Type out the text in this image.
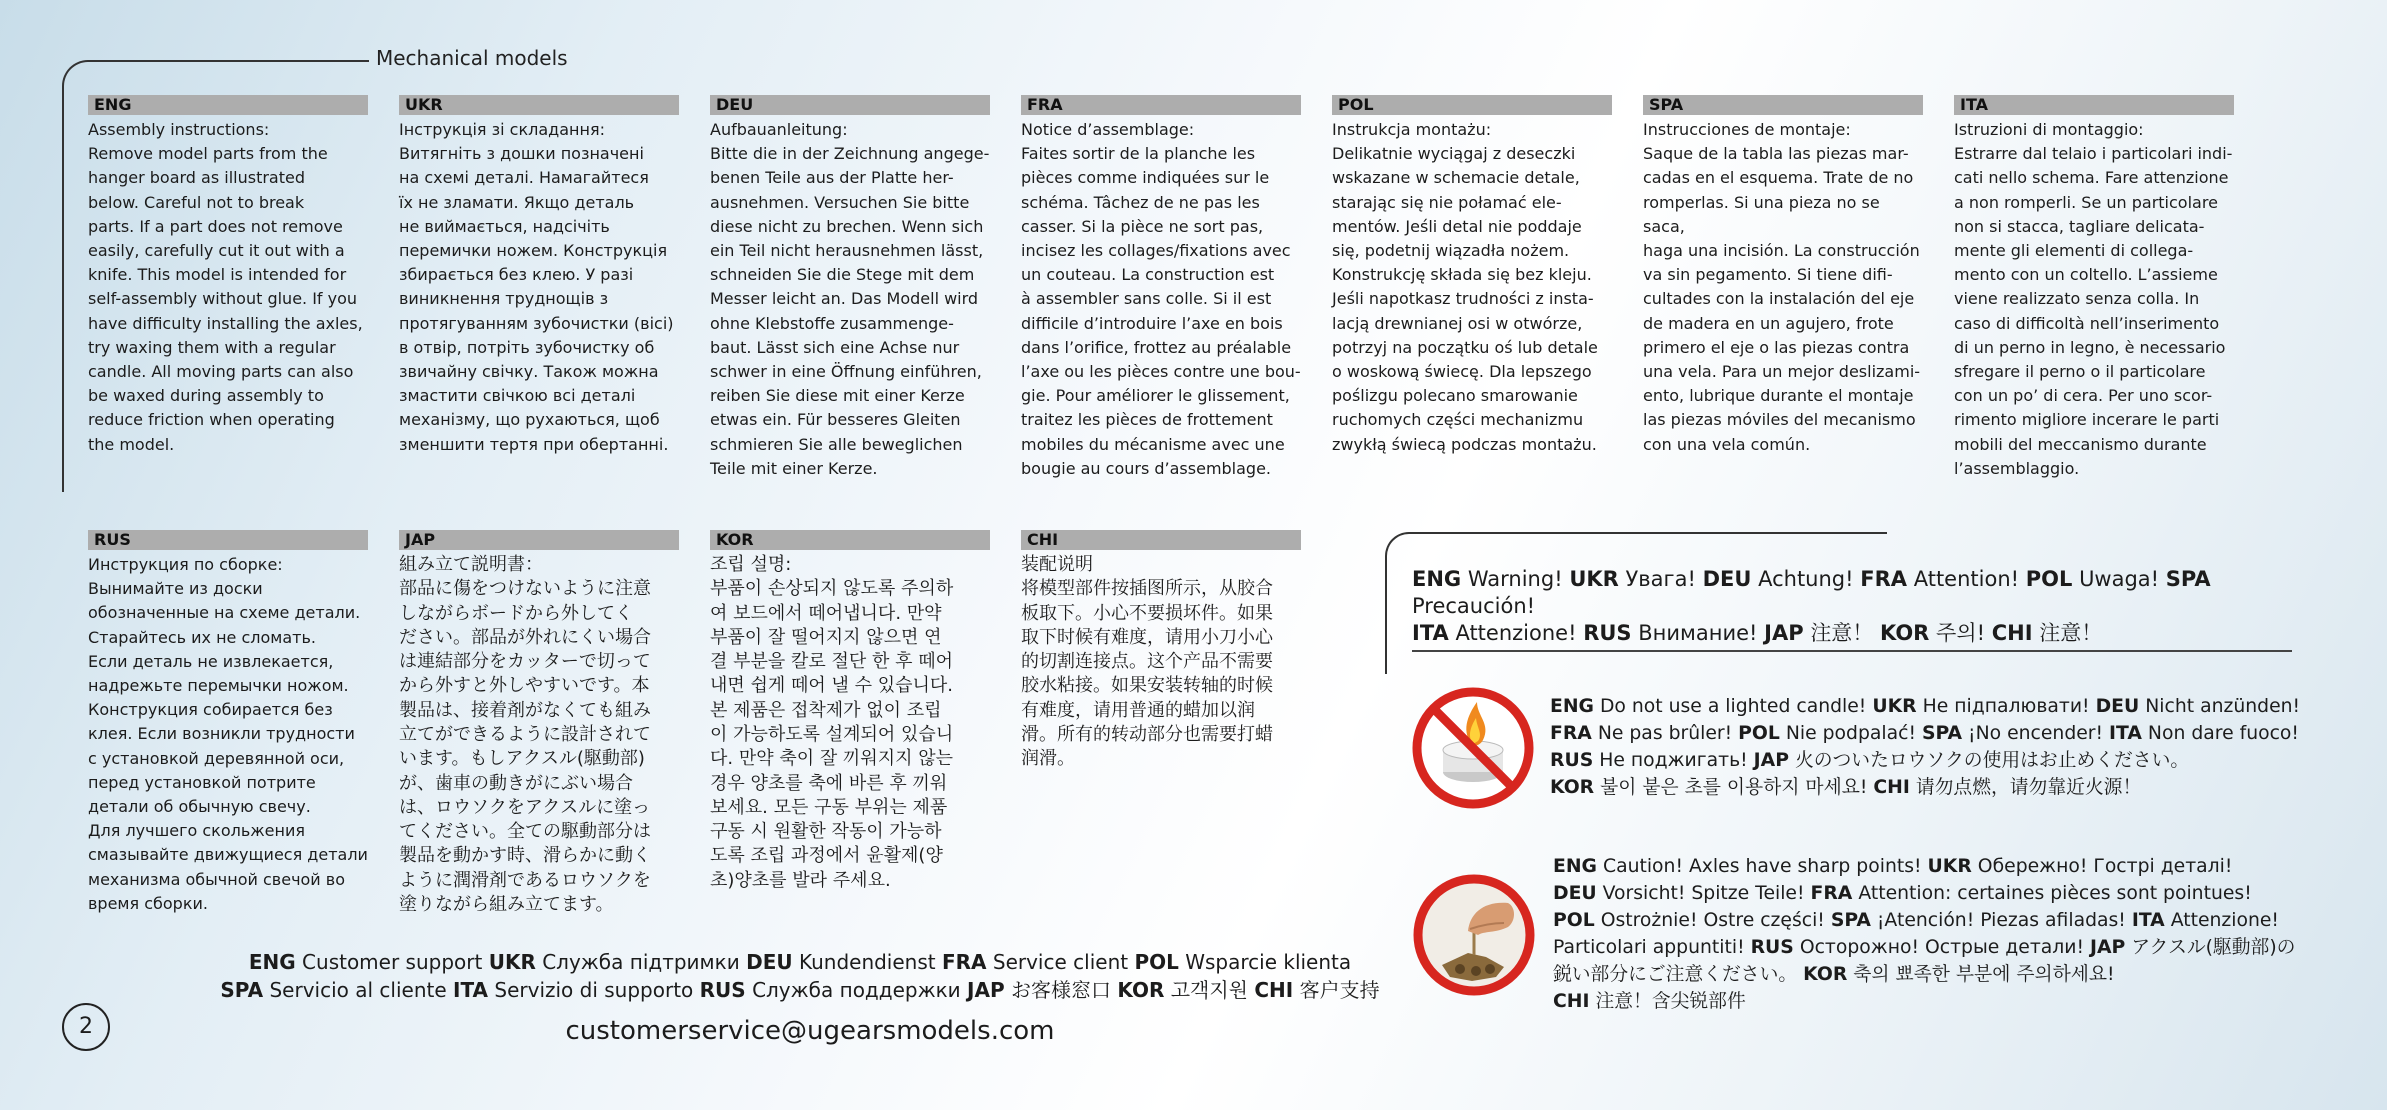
Mechanical models
ENG
Assembly instructions:
Remove model parts from the
hanger board as illustrated
below. Careful not to break
parts. If a part does not remove
easily, carefully cut it out with a
knife. This model is intended for
self-assembly without glue. If you
have difficulty installing the axles,
try waxing them with a regular
candle. All moving parts can also
be waxed during assembly to
reduce friction when operating
the model.
UKR
Інструкція зі складання:
Витягніть з дошки позначені
на схемі деталі. Намагайтеся
їх не зламати. Якщо деталь
не виймається, надсічіть
перемички ножем. Конструкція
збирається без клею. У разі
виникнення труднощів з
протягуванням зубочистки (вісі)
в отвір, потріть зубочистку об
звичайну свічку. Також можна
змастити свічкою всі деталі
механізму, що рухаються, щоб
зменшити тертя при обертанні.
DEU
Aufbauanleitung:
Bitte die in der Zeichnung angege-
benen Teile aus der Platte her-
ausnehmen. Versuchen Sie bitte
diese nicht zu brechen. Wenn sich
ein Teil nicht herausnehmen lässt,
schneiden Sie die Stege mit dem
Messer leicht an. Das Modell wird
ohne Klebstoffe zusammenge-
baut. Lässt sich eine Achse nur
schwer in eine Öffnung einführen,
reiben Sie diese mit einer Kerze
etwas ein. Für besseres Gleiten
schmieren Sie alle beweglichen
Teile mit einer Kerze.
FRA
Notice d’assemblage:
Faites sortir de la planche les
pièces comme indiquées sur le
schéma. Tâchez de ne pas les
casser. Si la pièce ne sort pas,
incisez les collages/fixations avec
un couteau. La construction est
à assembler sans colle. Si il est
difficile d’introduire l’axe en bois
dans l’orifice, frottez au préalable
l’axe ou les pièces contre une bou-
gie. Pour améliorer le glissement,
traitez les pièces de frottement
mobiles du mécanisme avec une
bougie au cours d’assemblage.
POL
Instrukcja montażu:
Delikatnie wyciągaj z deseczki
wskazane w schemacie detale,
starając się nie połamać ele-
mentów. Jeśli detal nie poddaje
się, podetnij wiązadła nożem.
Konstrukcję składa się bez kleju.
Jeśli napotkasz trudności z insta-
lacją drewnianej osi w otwórze,
potrzyj na początku oś lub detale
o woskową świecę. Dla lepszego
poślizgu polecano smarowanie
ruchomych części mechanizmu
zwykłą świecą podczas montażu.
SPA
Instrucciones de montaje:
Saque de la tabla las piezas mar-
cadas en el esquema. Trate de no
romperlas. Si una pieza no se saca,
haga una incisión. La construcción
va sin pegamento. Si tiene difi-
cultades con la instalación del eje
de madera en un agujero, frote
primero el eje o las piezas contra
una vela. Para un mejor deslizami-
ento, lubrique durante el montaje
las piezas móviles del mecanismo
con una vela común.
ITA
Istruzioni di montaggio:
Estrarre dal telaio i particolari indi-
cati nello schema. Fare attenzione
a non romperli. Se un particolare
non si stacca, tagliare delicata-
mente gli elementi di collega-
mento con un coltello. L’assieme
viene realizzato senza colla. In
caso di difficoltà nell’inserimento
di un perno in legno, è necessario
sfregare il perno o il particolare
con un po’ di cera. Per uno scor-
rimento migliore incerare le parti
mobili del meccanismo durante
l’assemblaggio.
RUS
Инструкция по сборке:
Вынимайте из доски
обозначенные на схеме детали.
Старайтесь их не сломать.
Если деталь не извлекается,
надрежьте перемычки ножом.
Конструкция собирается без
клея. Если возникли трудности
с установкой деревянной оси,
перед установкой потрите
детали об обычную свечу.
Для лучшего скольжения
смазывайте движущиеся детали
механизма обычной свечой во
время сборки.
JAP
組み立て説明書：
部品に傷をつけないように注意
しながらボードから外してく
ださい。部品が外れにくい場合
は連結部分をカッターで切って
から外すと外しやすいです。本
製品は、接着剤がなくても組み
立てができるように設計されて
います。もしアクスル(駆動部)
が、歯車の動きがにぶい場合
は、ロウソクをアクスルに塗っ
てください。全ての駆動部分は
製品を動かす時、滑らかに動く
ように潤滑剤であるロウソクを
塗りながら組み立てます。
KOR
조립 설명:
부품이 손상되지 않도록 주의하
여 보드에서 떼어냅니다. 만약
부품이 잘 떨어지지 않으면 연
결 부분을 칼로 절단 한 후 떼어
내면 쉽게 떼어 낼 수 있습니다.
본 제품은 접착제가 없이 조립
이 가능하도록 설계되어 있습니
다. 만약 축이 잘 끼워지지 않는
경우 양초를 축에 바른 후 끼워
보세요. 모든 구동 부위는 제품
구동 시 원활한 작동이 가능하
도록 조립 과정에서 윤활제(양
초)양초를 발라 주세요.
CHI
装配说明
将模型部件按插图所示，从胶合
板取下。小心不要损坏件。如果
取下时候有难度，请用小刀小心
的切割连接点。这个产品不需要
胶水粘接。如果安装转轴的时候
有难度，请用普通的蜡加以润
滑。所有的转动部分也需要打蜡
润滑。
ENG Warning! UKR Увага! DEU Achtung! FRA Attention! POL Uwaga! SPA Precaución!
ITA Attenzione! RUS Внимание! JAP 注意！ KOR 주의! CHI 注意！
ENG Do not use a lighted candle! UKR Не підпалювати! DEU Nicht anzünden!
FRA Ne pas brûler! POL Nie podpalać! SPA ¡No encender! ITA Non dare fuoco!
RUS Не поджигать! JAP 火のついたロウソクの使用はお止めください。
KOR 불이 붙은 초를 이용하지 마세요! CHI 请勿点燃，请勿靠近火源！
ENG Caution! Axles have sharp points! UKR Обережно! Гострі деталі!
DEU Vorsicht! Spitze Teile! FRA Attention: certaines pièces sont pointues!
POL Ostrożnie! Ostre części! SPA ¡Atención! Piezas afiladas! ITA Attenzione! Particolari appuntiti! RUS Осторожно! Острые детали! JAP アクスル(駆動部)の鋭い部分にご注意ください。 KOR 축의 뾰족한 부분에 주의하세요!
CHI 注意！含尖锐部件
ENG Customer support UKR Служба підтримки DEU Kundendienst FRA Service client POL Wsparcie klienta
SPA Servicio al cliente ITA Servizio di supporto RUS Служба поддержки JAP お客様窓口 KOR 고객지원 CHI 客户支持
customerservice@ugearsmodels.com
2
